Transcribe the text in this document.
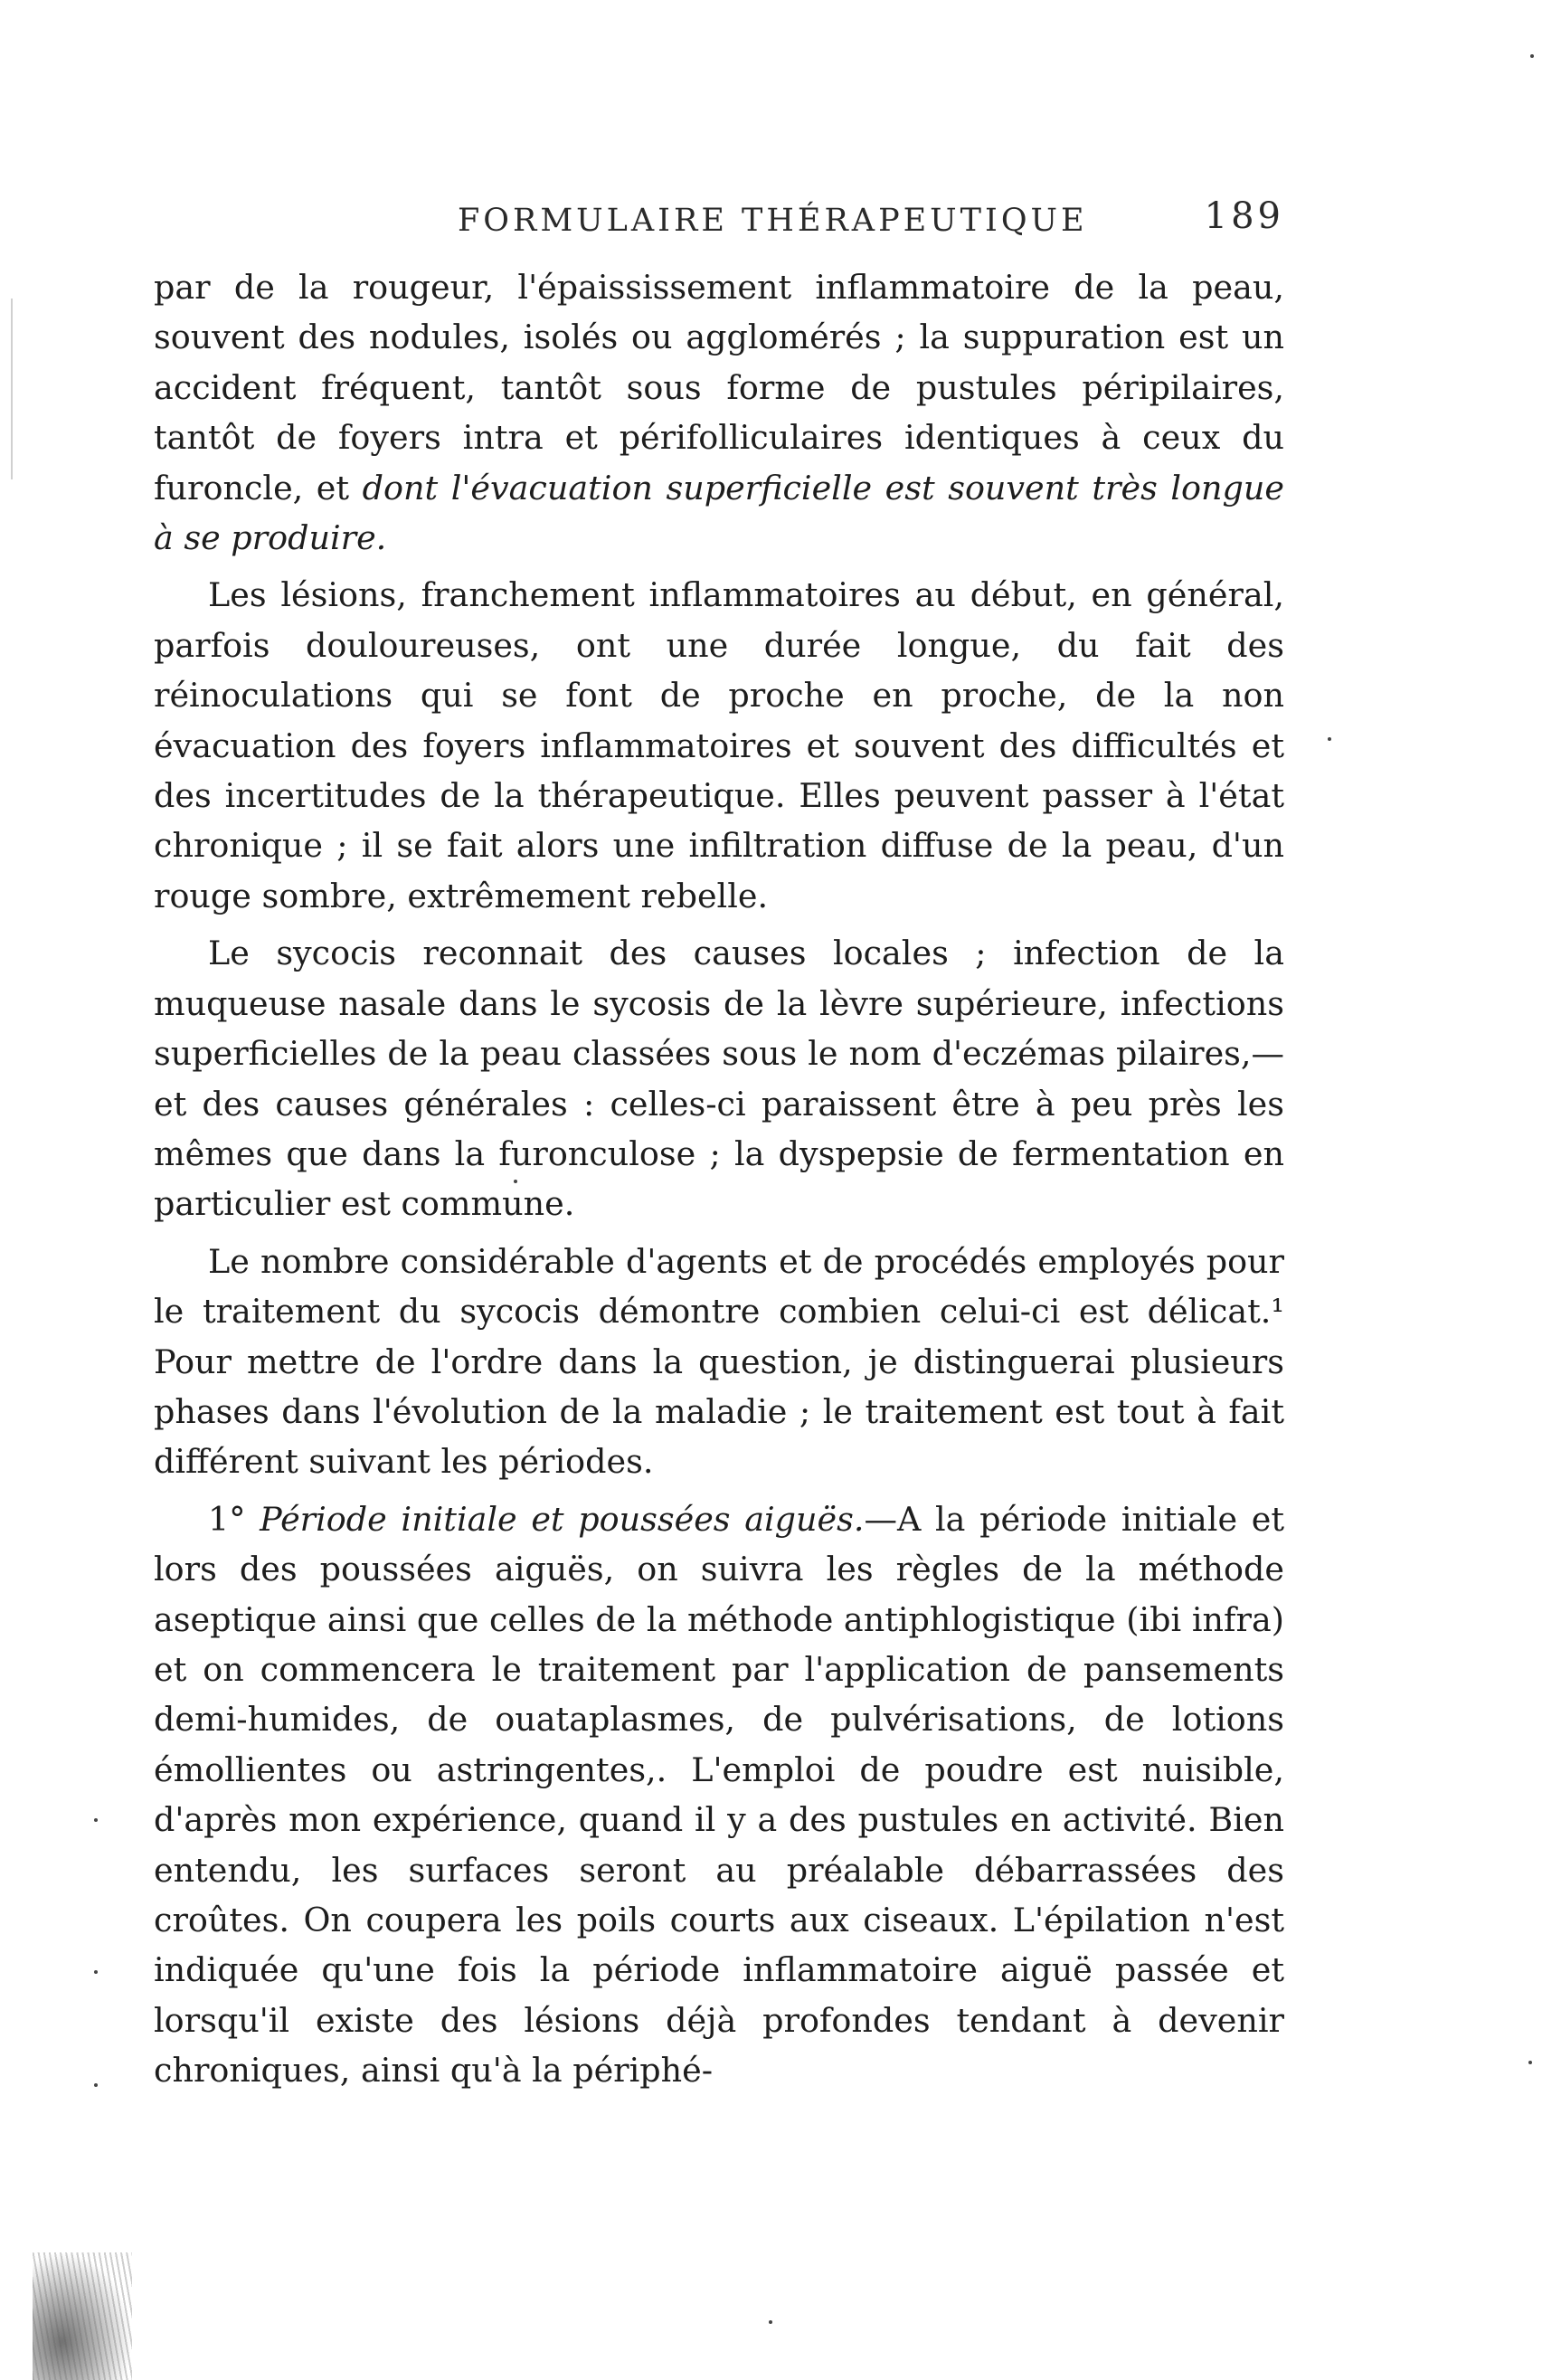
FORMULAIRE THÉRAPEUTIQUE	189

par de la rougeur, l'épaississement inflammatoire de la peau, souvent des nodules, isolés ou agglomérés ; la suppuration est un accident fréquent, tantôt sous forme de pustules péripilaires, tantôt de foyers intra et périfolliculaires identiques à ceux du furoncle, et dont l'évacuation superficielle est souvent très longue à se produire.

Les lésions, franchement inflammatoires au début, en général, parfois douloureuses, ont une durée longue, du fait des réinoculations qui se font de proche en proche, de la non évacuation des foyers inflammatoires et souvent des difficultés et des incertitudes de la thérapeutique. Elles peuvent passer à l'état chronique ; il se fait alors une infiltration diffuse de la peau, d'un rouge sombre, extrêmement rebelle.

Le sycocis reconnait des causes locales ; infection de la muqueuse nasale dans le sycosis de la lèvre supérieure, infections superficielles de la peau classées sous le nom d'eczémas pilaires,—et des causes générales : celles-ci paraissent être à peu près les mêmes que dans la furonculose ; la dyspepsie de fermentation en particulier est commune.

Le nombre considérable d'agents et de procédés employés pour le traitement du sycocis démontre combien celui-ci est délicat.¹ Pour mettre de l'ordre dans la question, je distinguerai plusieurs phases dans l'évolution de la maladie ; le traitement est tout à fait différent suivant les périodes.

1° Période initiale et poussées aiguës.—A la période initiale et lors des poussées aiguës, on suivra les règles de la méthode aseptique ainsi que celles de la méthode antiphlogistique (ibi infra) et on commencera le traitement par l'application de pansements demi-humides, de ouataplasmes, de pulvérisations, de lotions émollientes ou astringentes,. L'emploi de poudre est nuisible, d'après mon expérience, quand il y a des pustules en activité. Bien entendu, les surfaces seront au préalable débarrassées des croûtes. On coupera les poils courts aux ciseaux. L'épilation n'est indiquée qu'une fois la période inflammatoire aiguë passée et lorsqu'il existe des lésions déjà profondes tendant à devenir chroniques, ainsi qu'à la périphé-
